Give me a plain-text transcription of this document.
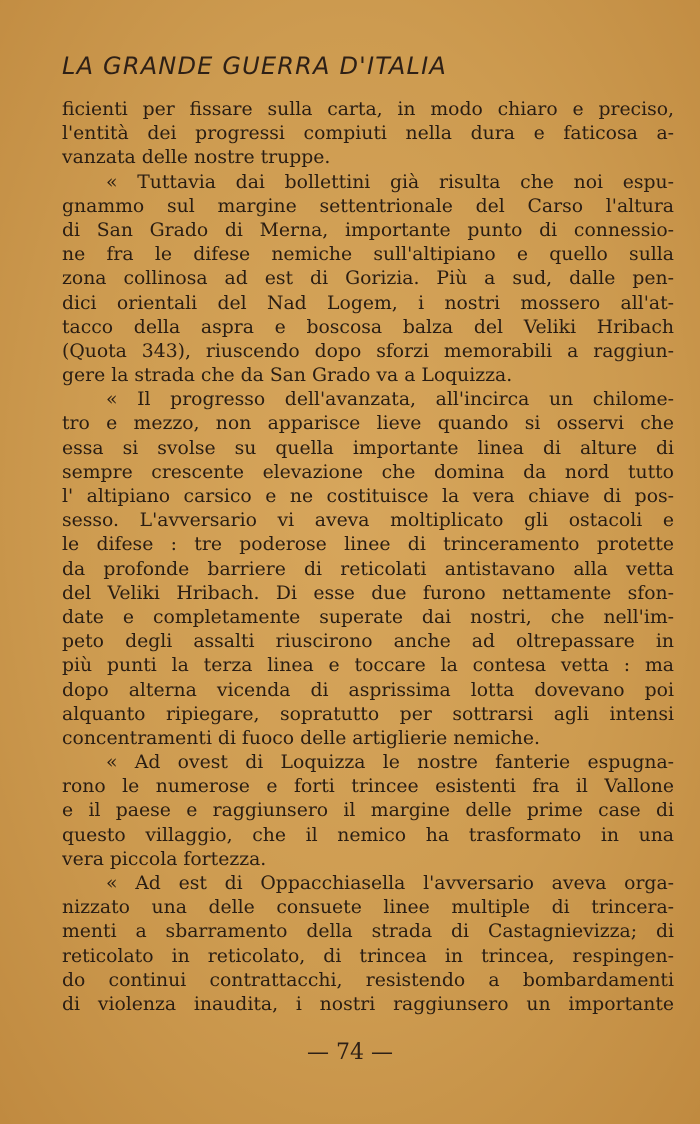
LA GRANDE GUERRA D'ITALIA
ficienti per fissare sulla carta, in modo chiaro e preciso,
l'entità dei progressi compiuti nella dura e faticosa a-
vanzata delle nostre truppe.
« Tuttavia dai bollettini già risulta che noi espu-
gnammo sul margine settentrionale del Carso l'altura
di San Grado di Merna, importante punto di connessio-
ne fra le difese nemiche sull'altipiano e quello sulla
zona collinosa ad est di Gorizia. Più a sud, dalle pen-
dici orientali del Nad Logem, i nostri mossero all'at-
tacco della aspra e boscosa balza del Veliki Hribach
(Quota 343), riuscendo dopo sforzi memorabili a raggiun-
gere la strada che da San Grado va a Loquizza.
« Il progresso dell'avanzata, all'incirca un chilome-
tro e mezzo, non apparisce lieve quando si osservi che
essa si svolse su quella importante linea di alture di
sempre crescente elevazione che domina da nord tutto
l' altipiano carsico e ne costituisce la vera chiave di pos-
sesso. L'avversario vi aveva moltiplicato gli ostacoli e
le difese : tre poderose linee di trinceramento protette
da profonde barriere di reticolati antistavano alla vetta
del Veliki Hribach. Di esse due furono nettamente sfon-
date e completamente superate dai nostri, che nell'im-
peto degli assalti riuscirono anche ad oltrepassare in
più punti la terza linea e toccare la contesa vetta : ma
dopo alterna vicenda di asprissima lotta dovevano poi
alquanto ripiegare, sopratutto per sottrarsi agli intensi
concentramenti di fuoco delle artiglierie nemiche.
« Ad ovest di Loquizza le nostre fanterie espugna-
rono le numerose e forti trincee esistenti fra il Vallone
e il paese e raggiunsero il margine delle prime case di
questo villaggio, che il nemico ha trasformato in una
vera piccola fortezza.
« Ad est di Oppacchiasella l'avversario aveva orga-
nizzato una delle consuete linee multiple di trincera-
menti a sbarramento della strada di Castagnievizza; di
reticolato in reticolato, di trincea in trincea, respingen-
do continui contrattacchi, resistendo a bombardamenti
di violenza inaudita, i nostri raggiunsero un importante
— 74 —
